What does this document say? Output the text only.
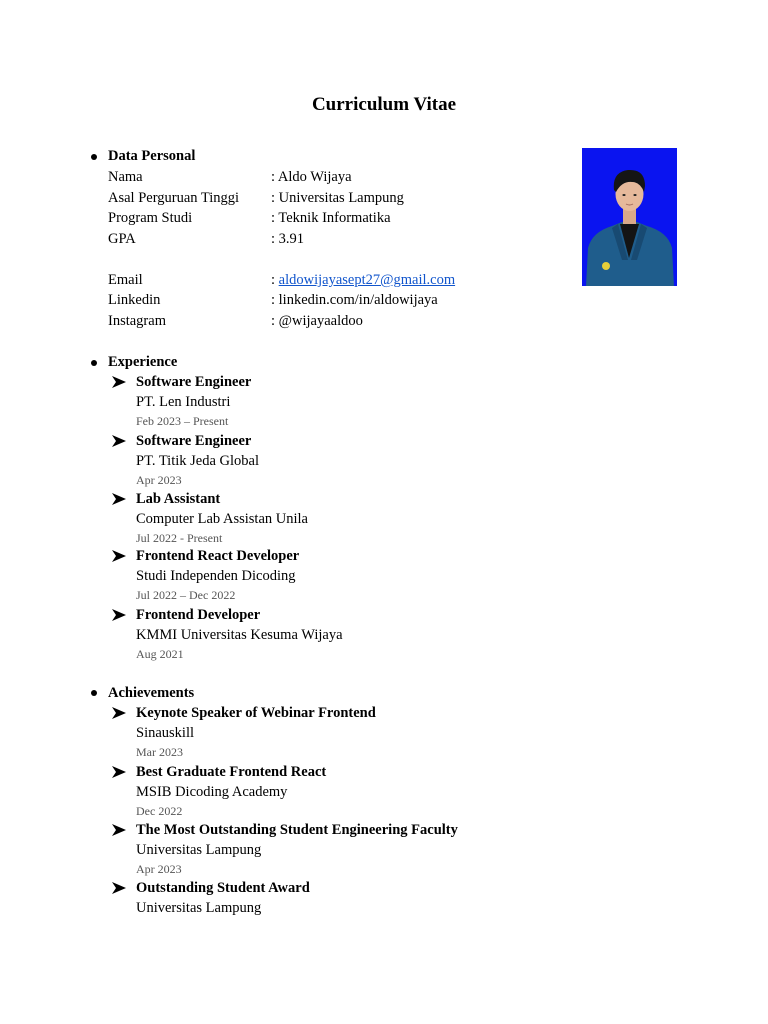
Curriculum Vitae
Data Personal
Nama	: Aldo Wijaya
Asal Perguruan Tinggi : Universitas Lampung
Program Studi	: Teknik Informatika
GPA	: 3.91
Email	: aldowijayasept27@gmail.com
Linkedin	: linkedin.com/in/aldowijaya
Instagram	: @wijayaaldoo
Experience
Software Engineer
PT. Len Industri
Feb 2023 – Present
Software Engineer
PT. Titik Jeda Global
Apr 2023
Lab Assistant
Computer Lab Assistan Unila
Jul 2022 - Present
Frontend React Developer
Studi Independen Dicoding
Jul 2022 – Dec 2022
Frontend Developer
KMMI Universitas Kesuma Wijaya
Aug 2021
Achievements
Keynote Speaker of Webinar Frontend
Sinauskill
Mar 2023
Best Graduate Frontend React
MSIB Dicoding Academy
Dec 2022
The Most Outstanding Student Engineering Faculty
Universitas Lampung
Apr 2023
Outstanding Student Award
Universitas Lampung
